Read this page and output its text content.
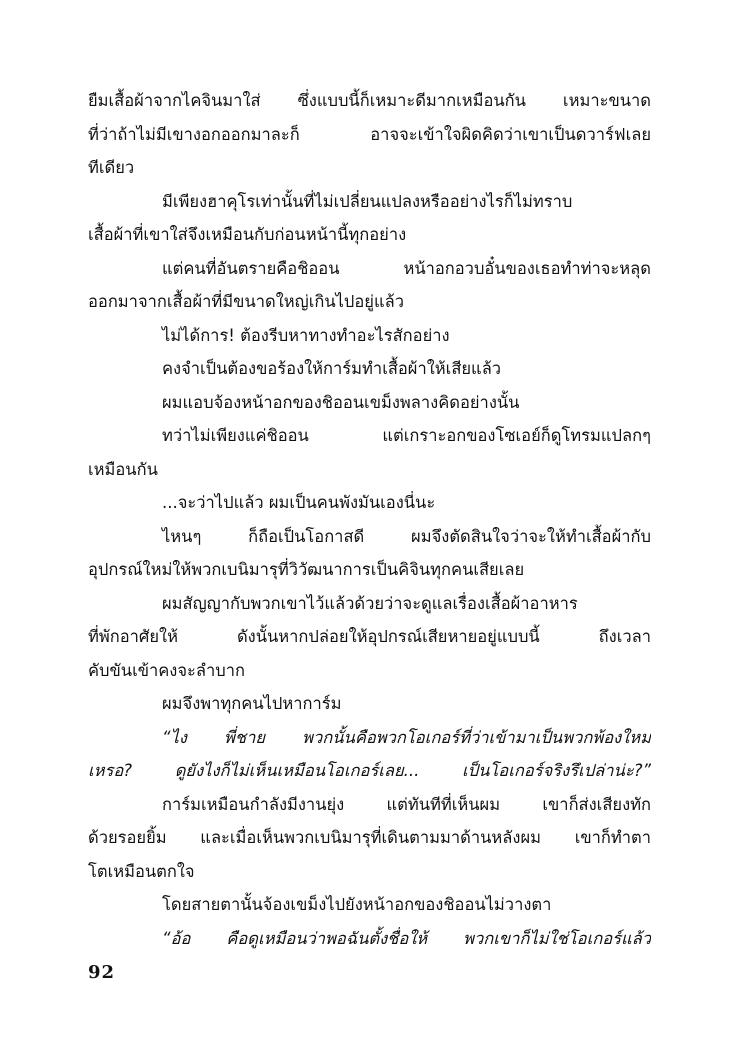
ยืมเสื้อผ้าจากไคจินมาใส่ ซึ่งแบบนี้ก็เหมาะดีมากเหมือนกัน เหมาะขนาด
ที่ว่าถ้าไม่มีเขางอกออกมาละก็ อาจจะเข้าใจผิดคิดว่าเขาเป็นดวาร์ฟเลย
ทีเดียว
มีเพียงฮาคุโรเท่านั้นที่ไม่เปลี่ยนแปลงหรืออย่างไรก็ไม่ทราบ
เสื้อผ้าที่เขาใส่จึงเหมือนกับก่อนหน้านี้ทุกอย่าง
แต่คนที่อันตรายคือชิออน หน้าอกอวบอั๋นของเธอทำท่าจะหลุด
ออกมาจากเสื้อผ้าที่มีขนาดใหญ่เกินไปอยู่แล้ว
ไม่ได้การ! ต้องรีบหาทางทำอะไรสักอย่าง
คงจำเป็นต้องขอร้องให้การ์มทำเสื้อผ้าให้เสียแล้ว
ผมแอบจ้องหน้าอกของชิออนเขม็งพลางคิดอย่างนั้น
ทว่าไม่เพียงแค่ชิออน แต่เกราะอกของโซเอย์ก็ดูโทรมแปลกๆ
เหมือนกัน
...จะว่าไปแล้ว ผมเป็นคนพังมันเองนี่นะ
ไหนๆ ก็ถือเป็นโอกาสดี ผมจึงตัดสินใจว่าจะให้ทำเสื้อผ้ากับ
อุปกรณ์ใหม่ให้พวกเบนิมารุที่วิวัฒนาการเป็นคิจินทุกคนเสียเลย
ผมสัญญากับพวกเขาไว้แล้วด้วยว่าจะดูแลเรื่องเสื้อผ้าอาหาร
ที่พักอาศัยให้ ดังนั้นหากปล่อยให้อุปกรณ์เสียหายอยู่แบบนี้ ถึงเวลา
คับขันเข้าคงจะลำบาก
ผมจึงพาทุกคนไปหาการ์ม
“ไง พี่ชาย พวกนั้นคือพวกโอเกอร์ที่ว่าเข้ามาเป็นพวกพ้องใหม่
เหรอ? ดูยังไงก็ไม่เห็นเหมือนโอเกอร์เลย... เป็นโอเกอร์จริงรึเปล่าน่ะ?”
การ์มเหมือนกำลังมีงานยุ่ง แต่ทันทีที่เห็นผม เขาก็ส่งเสียงทัก
ด้วยรอยยิ้ม และเมื่อเห็นพวกเบนิมารุที่เดินตามมาด้านหลังผม เขาก็ทำตา
โตเหมือนตกใจ
โดยสายตานั้นจ้องเขม็งไปยังหน้าอกของชิออนไม่วางตา
“อ้อ คือดูเหมือนว่าพอฉันตั้งชื่อให้ พวกเขาก็ไม่ใช่โอเกอร์แล้ว
92
